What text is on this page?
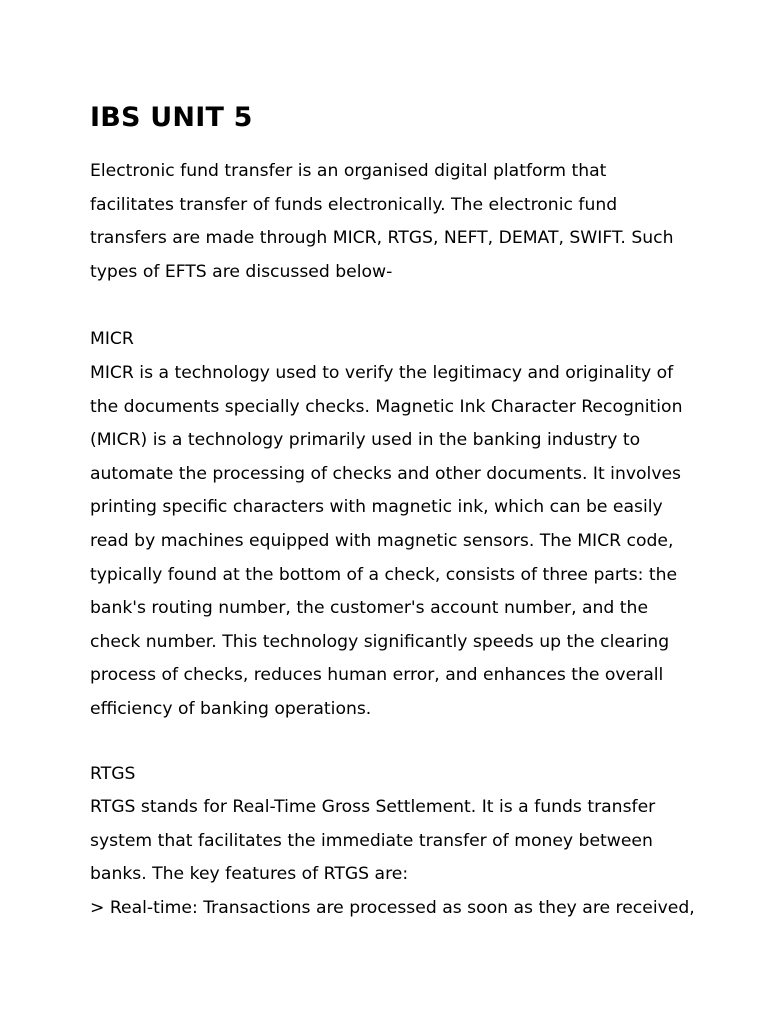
IBS UNIT 5

Electronic fund transfer is an organised digital platform that
facilitates transfer of funds electronically. The electronic fund
transfers are made through MICR, RTGS, NEFT, DEMAT, SWIFT. Such
types of EFTS are discussed below-

MICR

MICR is a technology used to verify the legitimacy and originality of
the documents specially checks. Magnetic Ink Character Recognition
(MICR) is a technology primarily used in the banking industry to
automate the processing of checks and other documents. It involves
printing specific characters with magnetic ink, which can be easily
read by machines equipped with magnetic sensors. The MICR code,
typically found at the bottom of a check, consists of three parts: the
bank's routing number, the customer's account number, and the
check number. This technology significantly speeds up the clearing
process of checks, reduces human error, and enhances the overall
efficiency of banking operations.

RTGS

RTGS stands for Real-Time Gross Settlement. It is a funds transfer
system that facilitates the immediate transfer of money between
banks. The key features of RTGS are:
> Real-time: Transactions are processed as soon as they are received,
